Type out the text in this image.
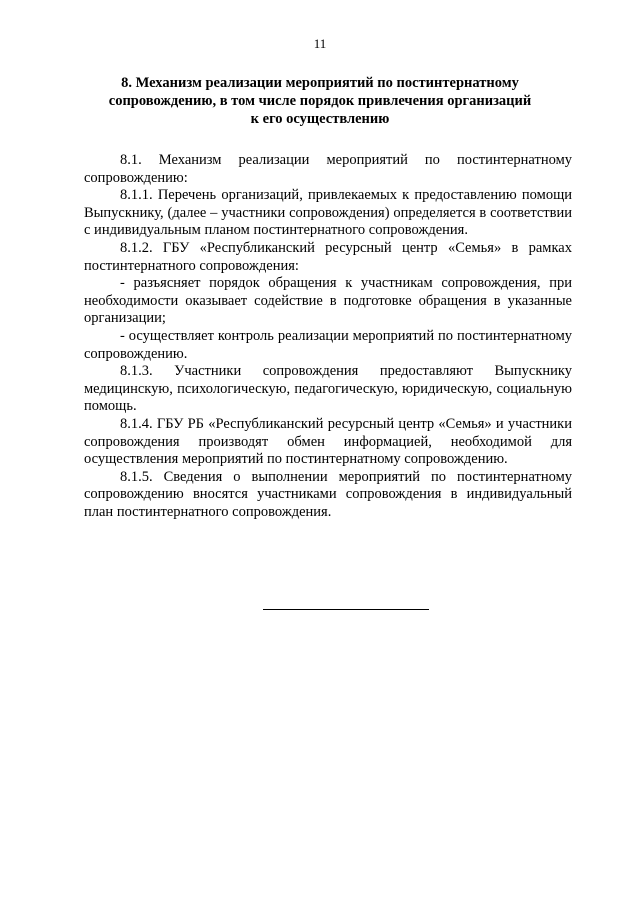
11
8. Механизм реализации мероприятий по постинтернатному
сопровождению, в том числе порядок привлечения организаций
к его осуществлению

8.1. Механизм реализации мероприятий по постинтернатному сопровождению:

8.1.1. Перечень организаций, привлекаемых к предоставлению помощи Выпускнику, (далее – участники сопровождения) определяется в соответствии с индивидуальным планом постинтернатного сопровождения.

8.1.2. ГБУ «Республиканский ресурсный центр «Семья» в рамках постинтернатного сопровождения:

- разъясняет порядок обращения к участникам сопровождения, при необходимости оказывает содействие в подготовке обращения в указанные организации;

- осуществляет контроль реализации мероприятий по постинтернатному сопровождению.

8.1.3. Участники сопровождения предоставляют Выпускнику медицинскую, психологическую, педагогическую, юридическую, социальную помощь.

8.1.4. ГБУ РБ «Республиканский ресурсный центр «Семья» и участники сопровождения производят обмен информацией, необходимой для осуществления мероприятий по постинтернатному сопровождению.

8.1.5. Сведения о выполнении мероприятий по постинтернатному сопровождению вносятся участниками сопровождения в индивидуальный план постинтернатного сопровождения.
